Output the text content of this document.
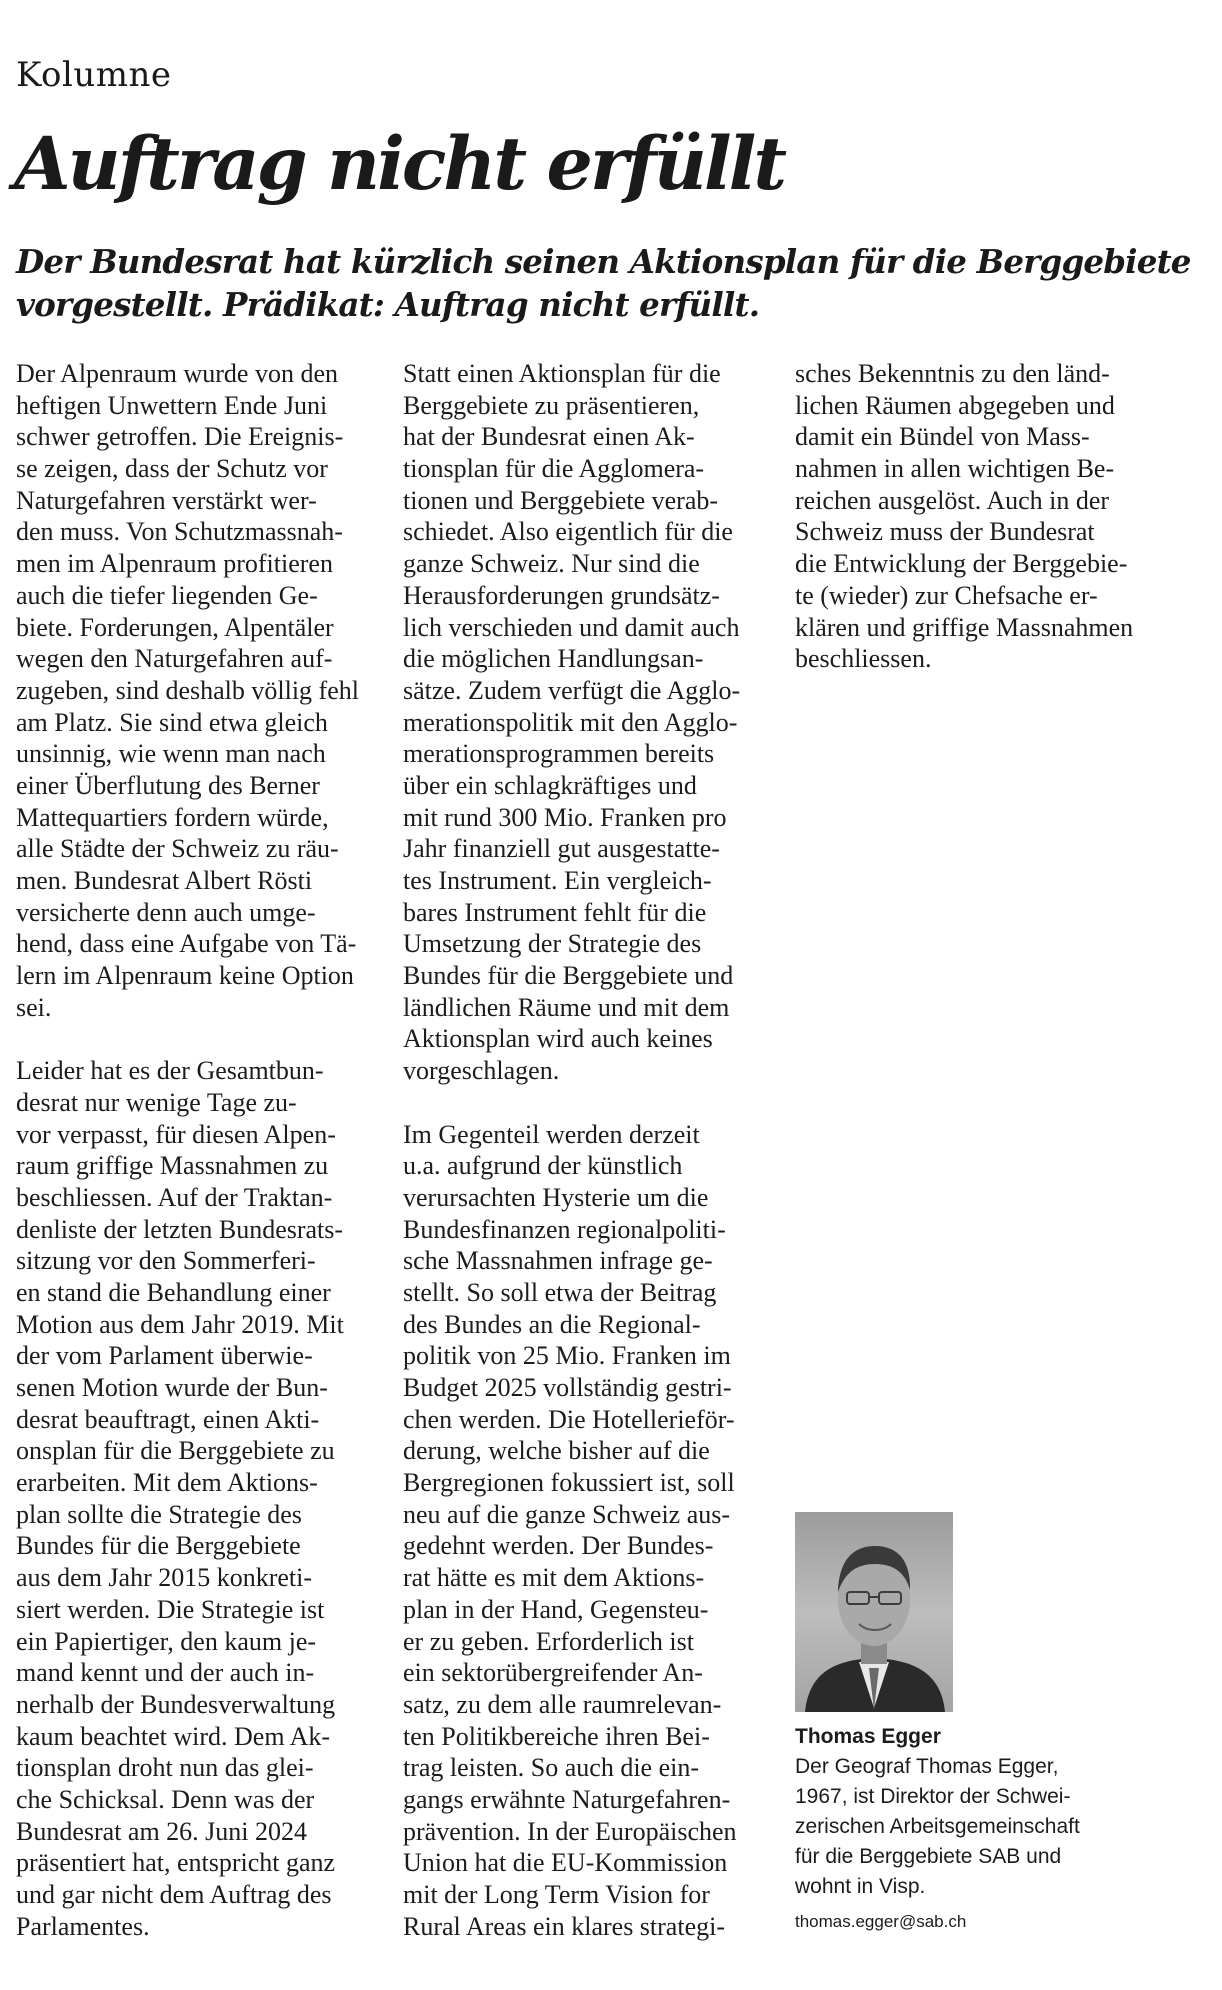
Kolumne
Auftrag nicht erfüllt
Der Bundesrat hat kürzlich seinen Aktionsplan für die Berggebiete
vorgestellt. Prädikat: Auftrag nicht erfüllt.
Der Alpenraum wurde von den
heftigen Unwettern Ende Juni
schwer getroffen. Die Ereignis-
se zeigen, dass der Schutz vor
Naturgefahren verstärkt wer-
den muss. Von Schutzmassnah-
men im Alpenraum profitieren
auch die tiefer liegenden Ge-
biete. Forderungen, Alpentäler
wegen den Naturgefahren auf-
zugeben, sind deshalb völlig fehl
am Platz. Sie sind etwa gleich
unsinnig, wie wenn man nach
einer Überflutung des Berner
Mattequartiers fordern würde,
alle Städte der Schweiz zu räu-
men. Bundesrat Albert Rösti
versicherte denn auch umge-
hend, dass eine Aufgabe von Tä-
lern im Alpenraum keine Option
sei.
Leider hat es der Gesamtbun-
desrat nur wenige Tage zu-
vor verpasst, für diesen Alpen-
raum griffige Massnahmen zu
beschliessen. Auf der Traktan-
denliste der letzten Bundesrats-
sitzung vor den Sommerferi-
en stand die Behandlung einer
Motion aus dem Jahr 2019. Mit
der vom Parlament überwie-
senen Motion wurde der Bun-
desrat beauftragt, einen Akti-
onsplan für die Berggebiete zu
erarbeiten. Mit dem Aktions-
plan sollte die Strategie des
Bundes für die Berggebiete
aus dem Jahr 2015 konkreti-
siert werden. Die Strategie ist
ein Papiertiger, den kaum je-
mand kennt und der auch in-
nerhalb der Bundesverwaltung
kaum beachtet wird. Dem Ak-
tionsplan droht nun das glei-
che Schicksal. Denn was der
Bundesrat am 26. Juni 2024
präsentiert hat, entspricht ganz
und gar nicht dem Auftrag des
Parlamentes.
Statt einen Aktionsplan für die
Berggebiete zu präsentieren,
hat der Bundesrat einen Ak-
tionsplan für die Agglomera-
tionen und Berggebiete verab-
schiedet. Also eigentlich für die
ganze Schweiz. Nur sind die
Herausforderungen grundsätz-
lich verschieden und damit auch
die möglichen Handlungsan-
sätze. Zudem verfügt die Agglo-
merationspolitik mit den Agglo-
merationsprogrammen bereits
über ein schlagkräftiges und
mit rund 300 Mio. Franken pro
Jahr finanziell gut ausgestatte-
tes Instrument. Ein vergleich-
bares Instrument fehlt für die
Umsetzung der Strategie des
Bundes für die Berggebiete und
ländlichen Räume und mit dem
Aktionsplan wird auch keines
vorgeschlagen.
Im Gegenteil werden derzeit
u.a. aufgrund der künstlich
verursachten Hysterie um die
Bundesfinanzen regionalpoliti-
sche Massnahmen infrage ge-
stellt. So soll etwa der Beitrag
des Bundes an die Regional-
politik von 25 Mio. Franken im
Budget 2025 vollständig gestri-
chen werden. Die Hotellerieför-
derung, welche bisher auf die
Bergregionen fokussiert ist, soll
neu auf die ganze Schweiz aus-
gedehnt werden. Der Bundes-
rat hätte es mit dem Aktions-
plan in der Hand, Gegensteu-
er zu geben. Erforderlich ist
ein sektorübergreifender An-
satz, zu dem alle raumrelevan-
ten Politikbereiche ihren Bei-
trag leisten. So auch die ein-
gangs erwähnte Naturgefahren-
prävention. In der Europäischen
Union hat die EU-Kommission
mit der Long Term Vision for
Rural Areas ein klares strategi-
sches Bekenntnis zu den länd-
lichen Räumen abgegeben und
damit ein Bündel von Mass-
nahmen in allen wichtigen Be-
reichen ausgelöst. Auch in der
Schweiz muss der Bundesrat
die Entwicklung der Berggebie-
te (wieder) zur Chefsache er-
klären und griffige Massnahmen
beschliessen.
Thomas Egger
Der Geograf Thomas Egger,
1967, ist Direktor der Schwei-
zerischen Arbeitsgemeinschaft
für die Berggebiete SAB und
wohnt in Visp.
thomas.egger@sab.ch
